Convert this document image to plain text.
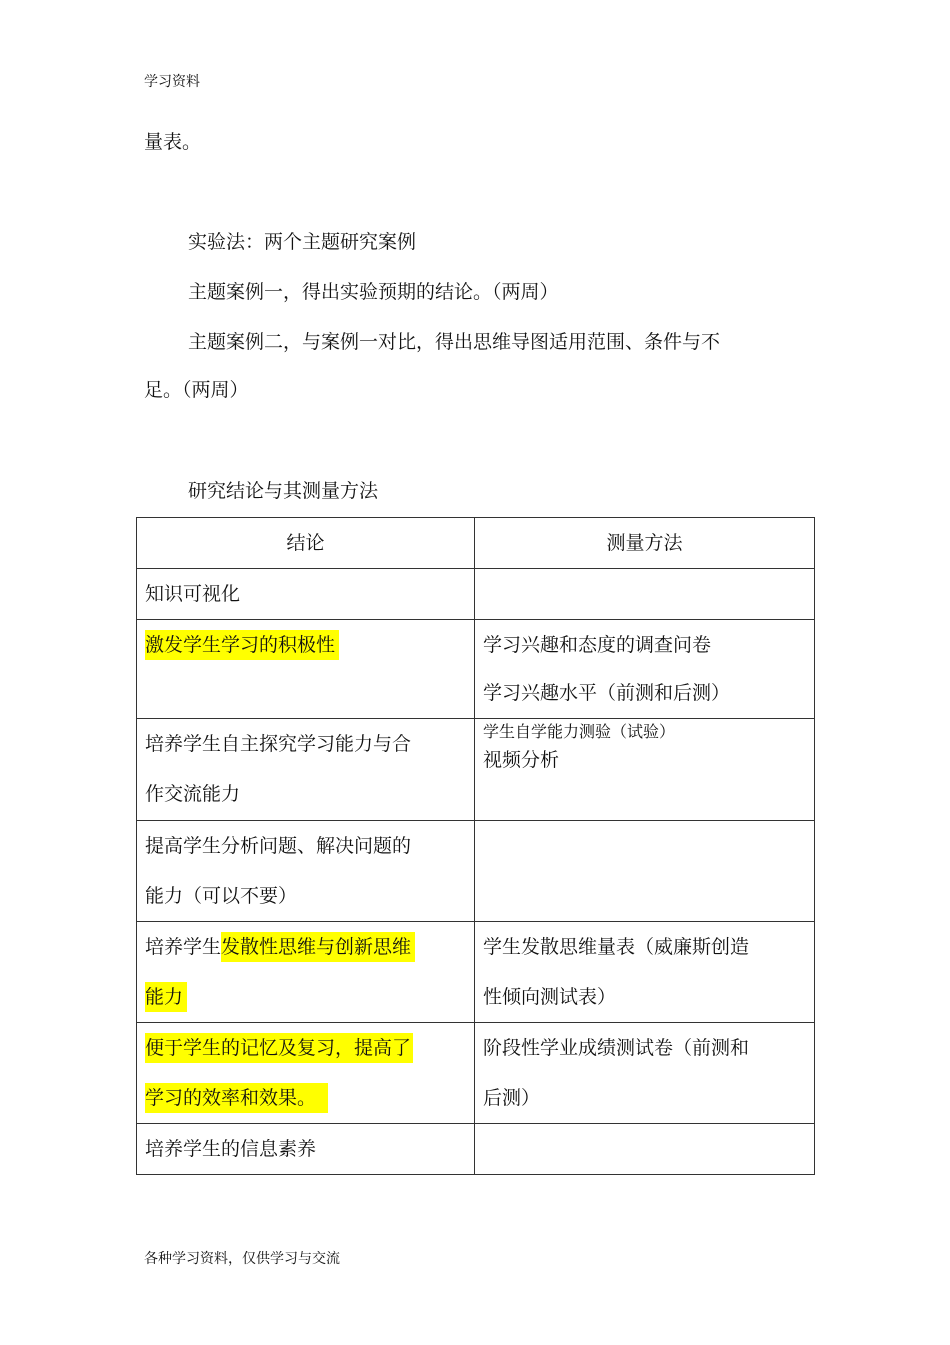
学习资料
量表。
实验法：两个主题研究案例
主题案例一，得出实验预期的结论。（两周）
主题案例二，与案例一对比，得出思维导图适用范围、条件与不
足。（两周）
研究结论与其测量方法
结论	测量方法

知识可视化	

激发学生学习的积极性	学习兴趣和态度的调查问卷
学习兴趣水平（前测和后测）

培养学生自主探究学习能力与合
作交流能力	学生自学能力测验（试验）
视频分析

提高学生分析问题、解决问题的
能力（可以不要）	

培养学生发散性思维与创新思维
能力	学生发散思维量表（威廉斯创造
性倾向测试表）

便于学生的记忆及复习，提高了
学习的效率和效果。	阶段性学业成绩测试卷（前测和
后测）

培养学生的信息素养	

各种学习资料，仅供学习与交流
